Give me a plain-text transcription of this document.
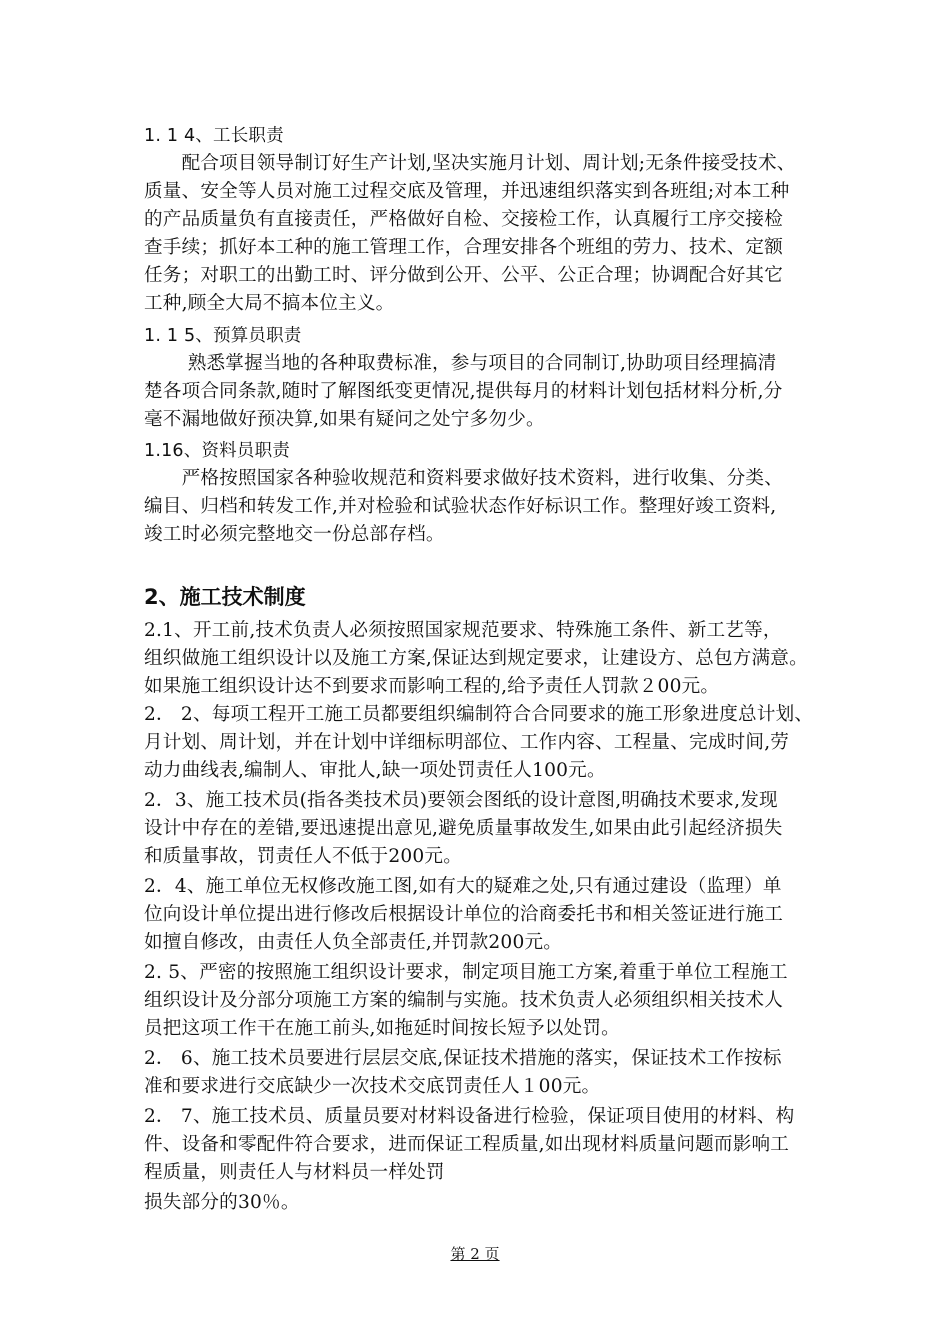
1. 1 4、工长职责
　　配合项目领导制订好生产计划,坚决实施月计划、周计划;无条件接受技术、
质量、安全等人员对施工过程交底及管理，并迅速组织落实到各班组;对本工种
的产品质量负有直接责任，严格做好自检、交接检工作，认真履行工序交接检
查手续；抓好本工种的施工管理工作，合理安排各个班组的劳力、技术、定额
任务；对职工的出勤工时、评分做到公开、公平、公正合理；协调配合好其它
工种,顾全大局不搞本位主义。
1. 1 5、预算员职责
　　 熟悉掌握当地的各种取费标准，参与项目的合同制订,协助项目经理搞清
楚各项合同条款,随时了解图纸变更情况,提供每月的材料计划包括材料分析,分
毫不漏地做好预决算,如果有疑问之处宁多勿少。
1.16、资料员职责
　　严格按照国家各种验收规范和资料要求做好技术资料，进行收集、分类、
编目、归档和转发工作,并对检验和试验状态作好标识工作。整理好竣工资料,
竣工时必须完整地交一份总部存档。
2、施工技术制度
2.1、开工前,技术负责人必须按照国家规范要求、特殊施工条件、新工艺等，
组织做施工组织设计以及施工方案,保证达到规定要求，让建设方、总包方满意。
如果施工组织设计达不到要求而影响工程的,给予责任人罚款２00元。
2． 2、每项工程开工施工员都要组织编制符合合同要求的施工形象进度总计划、
月计划、周计划，并在计划中详细标明部位、工作内容、工程量、完成时间,劳
动力曲线表,编制人、审批人,缺一项处罚责任人100元。
2．3、施工技术员(指各类技术员)要领会图纸的设计意图,明确技术要求,发现
设计中存在的差错,要迅速提出意见,避免质量事故发生,如果由此引起经济损失
和质量事故，罚责任人不低于200元。
2．4、施工单位无权修改施工图,如有大的疑难之处,只有通过建设（监理）单
位向设计单位提出进行修改后根据设计单位的洽商委托书和相关签证进行施工
如擅自修改，由责任人负全部责任,并罚款200元。
2. 5、严密的按照施工组织设计要求，制定项目施工方案,着重于单位工程施工
组织设计及分部分项施工方案的编制与实施。技术负责人必须组织相关技术人
员把这项工作干在施工前头,如拖延时间按长短予以处罚。
2． 6、施工技术员要进行层层交底,保证技术措施的落实，保证技术工作按标
准和要求进行交底缺少一次技术交底罚责任人１00元。
2． 7、施工技术员、质量员要对材料设备进行检验，保证项目使用的材料、构
件、设备和零配件符合要求，进而保证工程质量,如出现材料质量问题而影响工
程质量，则责任人与材料员一样处罚
损失部分的30％。
第 2 页
